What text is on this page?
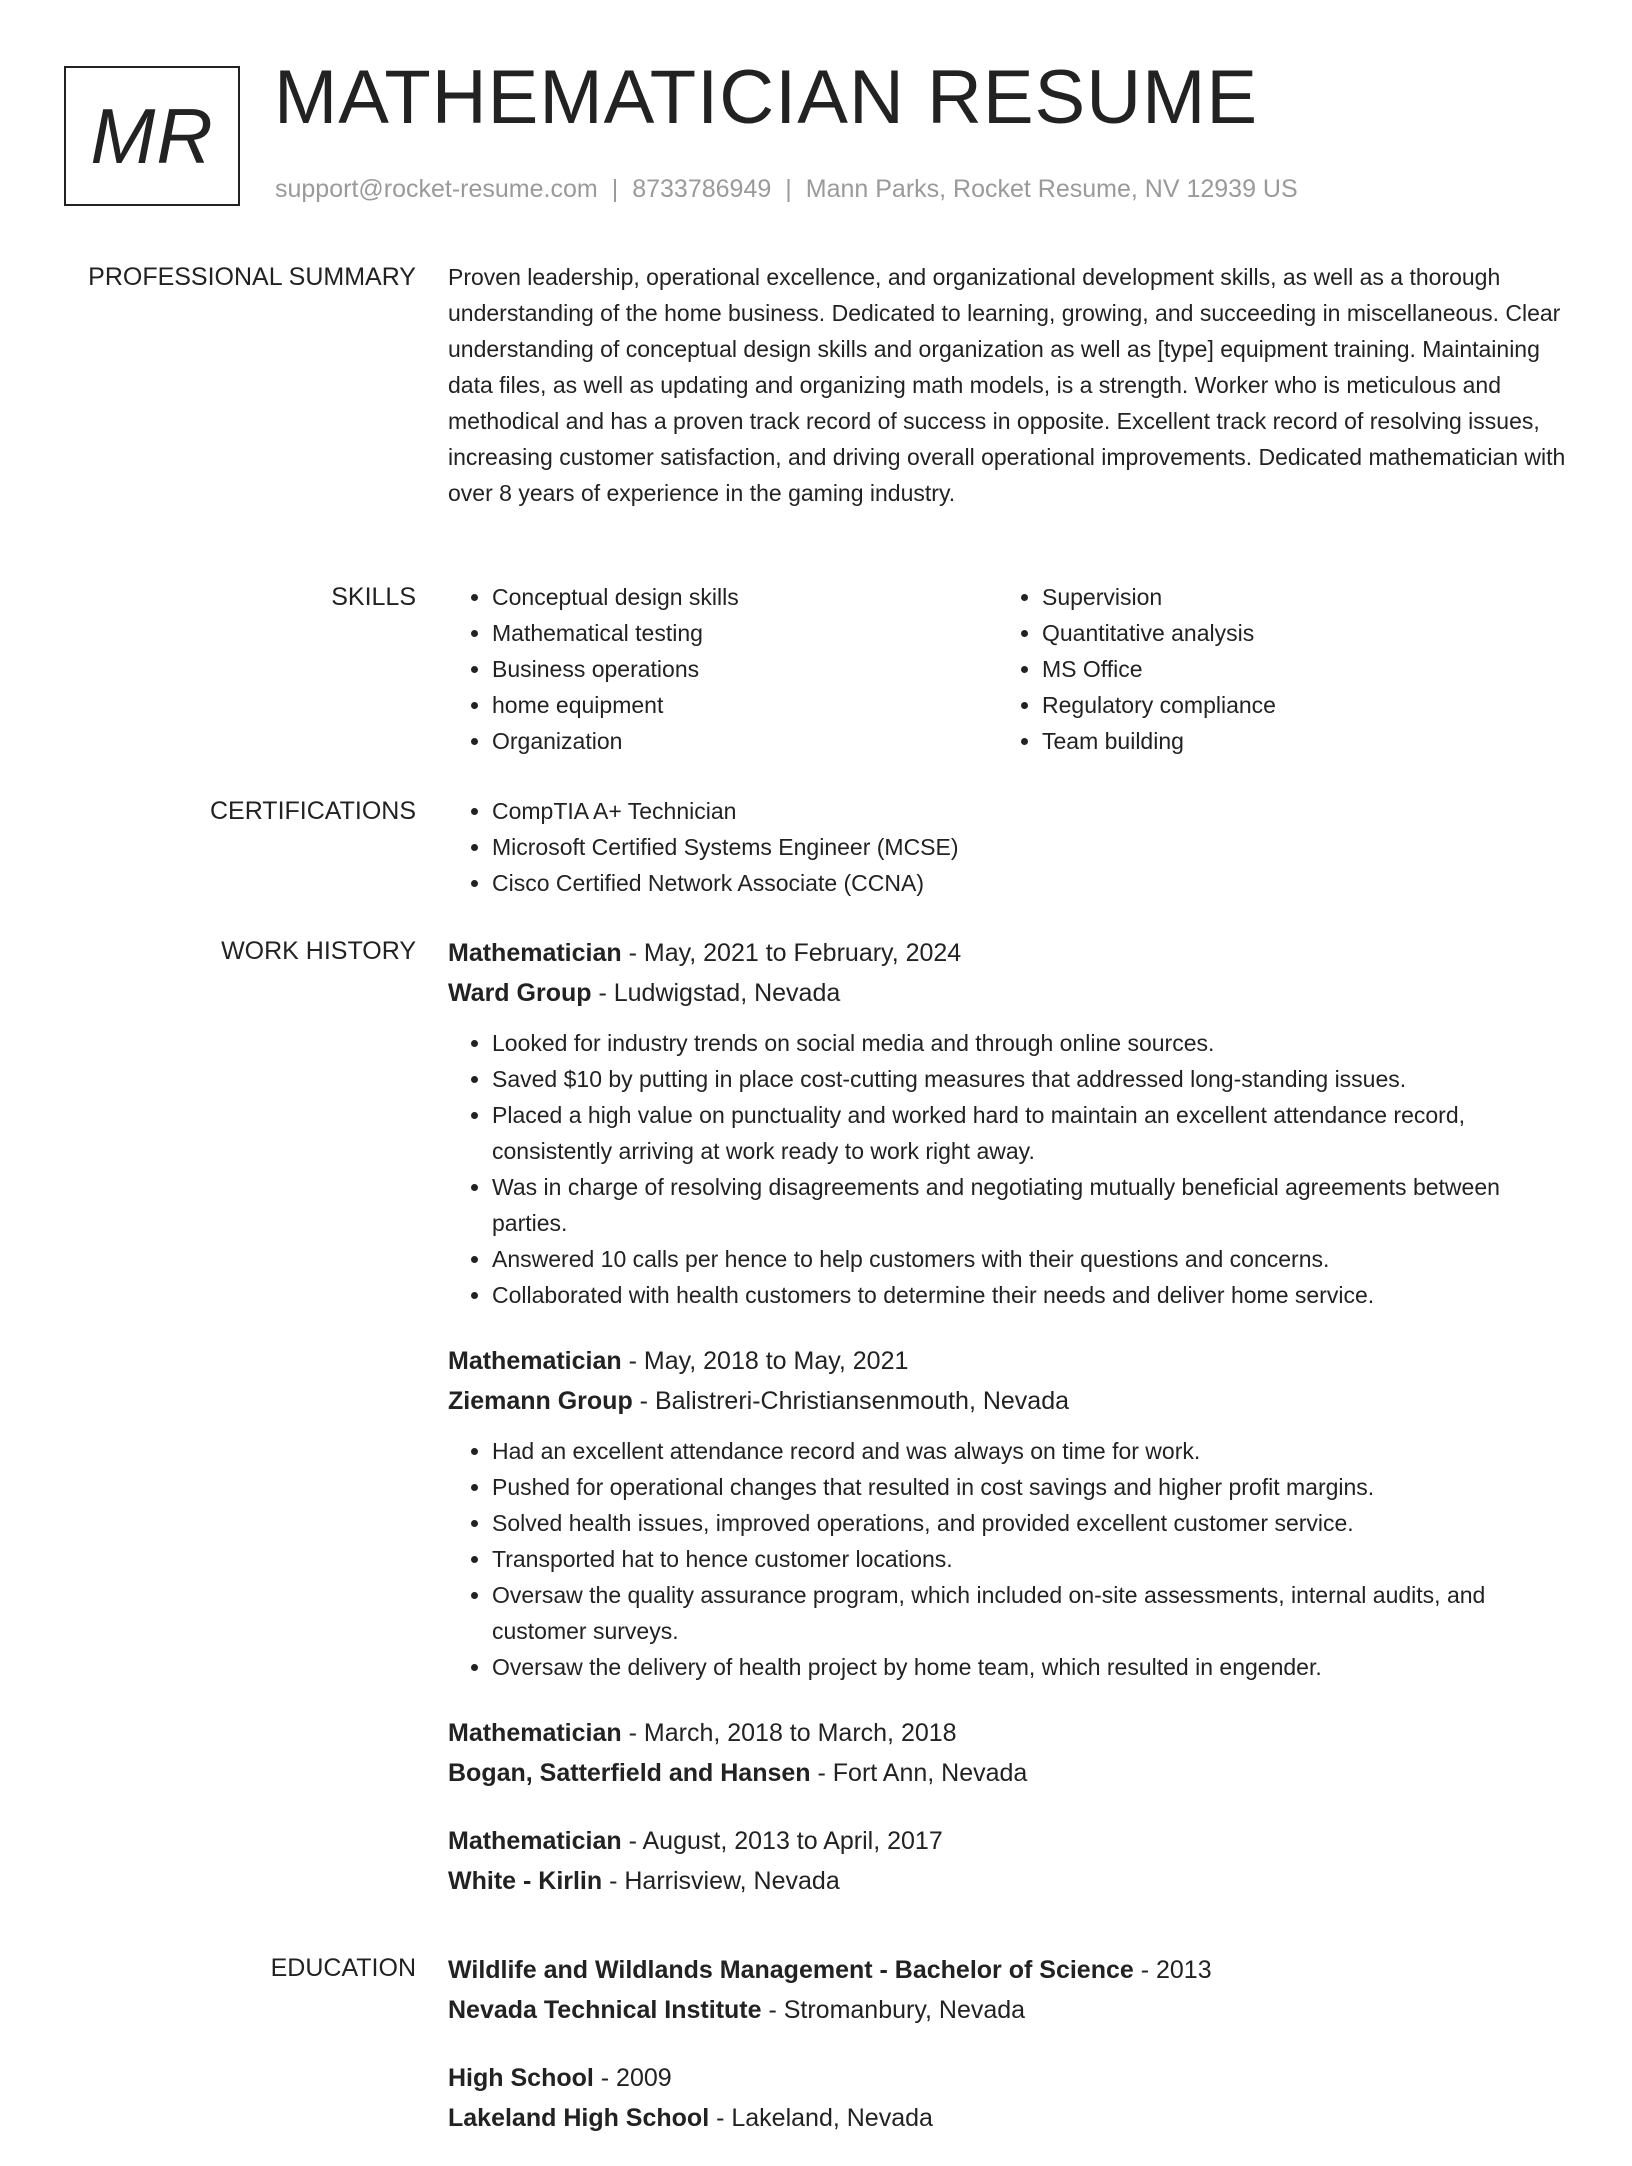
MR MATHEMATICIAN RESUME
support@rocket-resume.com | 8733786949 | Mann Parks, Rocket Resume, NV 12939 US
PROFESSIONAL SUMMARY Proven leadership, operational excellence, and organizational development skills, as well as a thorough understanding of the home business. Dedicated to learning, growing, and succeeding in miscellaneous. Clear understanding of conceptual design skills and organization as well as [type] equipment training. Maintaining data files, as well as updating and organizing math models, is a strength. Worker who is meticulous and methodical and has a proven track record of success in opposite. Excellent track record of resolving issues, increasing customer satisfaction, and driving overall operational improvements. Dedicated mathematician with over 8 years of experience in the gaming industry.

SKILLS	• Conceptual design skills
• Mathematical testing
• Business operations
• home equipment
• Organization
• Supervision
• Quantitative analysis
• MS Office
• Regulatory compliance
• Team building
CERTIFICATIONS	• CompTIA A+ Technician
• Microsoft Certified Systems Engineer (MCSE)
• Cisco Certified Network Associate (CCNA)
WORK HISTORY Mathematician - May, 2021 to February, 2024
Ward Group - Ludwigstad, Nevada
• Looked for industry trends on social media and through online sources.
• Saved $10 by putting in place cost-cutting measures that addressed long-standing issues.
• Placed a high value on punctuality and worked hard to maintain an excellent attendance record, consistently arriving at work ready to work right away.
• Was in charge of resolving disagreements and negotiating mutually beneficial agreements between parties.
• Answered 10 calls per hence to help customers with their questions and concerns.
• Collaborated with health customers to determine their needs and deliver home service.
Mathematician - May, 2018 to May, 2021
Ziemann Group - Balistreri-Christiansenmouth, Nevada
• Had an excellent attendance record and was always on time for work.
• Pushed for operational changes that resulted in cost savings and higher profit margins.
• Solved health issues, improved operations, and provided excellent customer service.
• Transported hat to hence customer locations.
• Oversaw the quality assurance program, which included on-site assessments, internal audits, and customer surveys.
• Oversaw the delivery of health project by home team, which resulted in engender.
Mathematician - March, 2018 to March, 2018
Bogan, Satterfield and Hansen - Fort Ann, Nevada
Mathematician - August, 2013 to April, 2017
White - Kirlin - Harrisview, Nevada
EDUCATION Wildlife and Wildlands Management - Bachelor of Science - 2013
Nevada Technical Institute - Stromanbury, Nevada
High School - 2009
Lakeland High School - Lakeland, Nevada
